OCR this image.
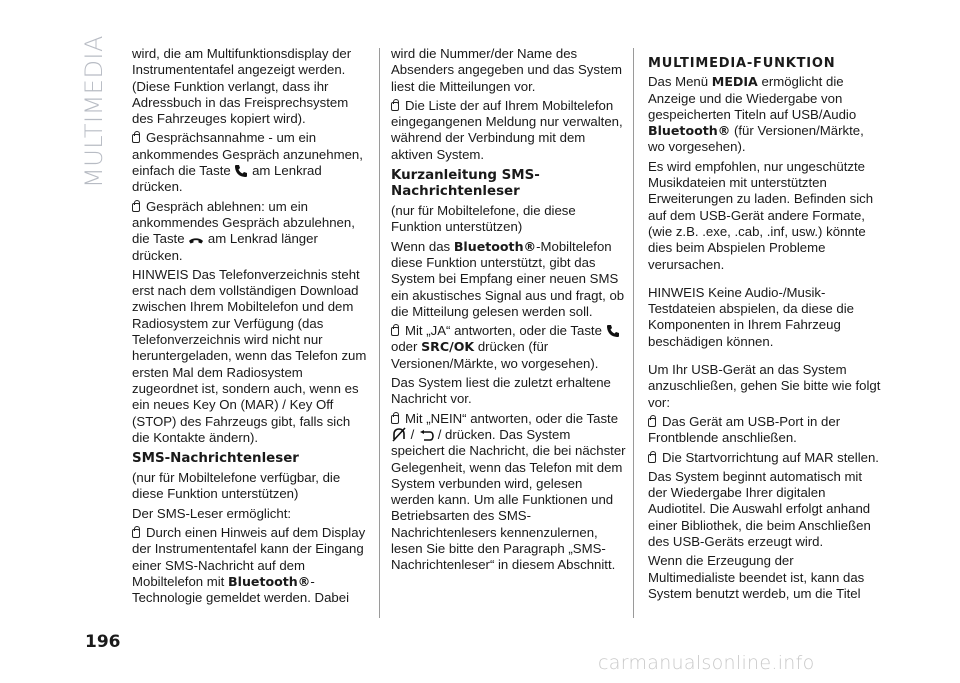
MULTIMEDIA
196

wird, die am Multifunktionsdisplay der Instrumententafel angezeigt werden. (Diese Funktion verlangt, dass ihr Adressbuch in das Freisprechsystem des Fahrzeuges kopiert wird).

Gesprächsannahme - um ein ankommendes Gespräch anzunehmen, einfach die Taste am Lenkrad drücken.

Gespräch ablehnen: um ein ankommendes Gespräch abzulehnen, die Taste am Lenkrad länger drücken.

HINWEIS Das Telefonverzeichnis steht erst nach dem vollständigen Download zwischen Ihrem Mobiltelefon und dem Radiosystem zur Verfügung (das Telefonverzeichnis wird nicht nur heruntergeladen, wenn das Telefon zum ersten Mal dem Radiosystem zugeordnet ist, sondern auch, wenn es ein neues Key On (MAR) / Key Off (STOP) des Fahrzeugs gibt, falls sich die Kontakte ändern).

SMS-Nachrichtenleser

(nur für Mobiltelefone verfügbar, die diese Funktion unterstützen)

Der SMS-Leser ermöglicht:

Durch einen Hinweis auf dem Display der Instrumententafel kann der Eingang einer SMS-Nachricht auf dem Mobiltelefon mit Bluetooth®-Technologie gemeldet werden. Dabei

wird die Nummer/der Name des Absenders angegeben und das System liest die Mitteilungen vor.

Die Liste der auf Ihrem Mobiltelefon eingegangenen Meldung nur verwalten, während der Verbindung mit dem aktiven System.

Kurzanleitung SMS-Nachrichtenleser

(nur für Mobiltelefone, die diese Funktion unterstützen)

Wenn das Bluetooth®-Mobiltelefon diese Funktion unterstützt, gibt das System bei Empfang einer neuen SMS ein akustisches Signal aus und fragt, ob die Mitteilung gelesen werden soll.

Mit „JA“ antworten, oder die Taste  oder SRC/OK drücken (für Versionen/Märkte, wo vorgesehen).

Das System liest die zuletzt erhaltene Nachricht vor.

Mit „NEIN“ antworten, oder die Taste  / / drücken. Das System speichert die Nachricht, die bei nächster Gelegenheit, wenn das Telefon mit dem System verbunden wird, gelesen werden kann. Um alle Funktionen und Betriebsarten des SMS-Nachrichtenlesers kennenzulernen, lesen Sie bitte den Paragraph „SMS-Nachrichtenleser“ in diesem Abschnitt.

MULTIMEDIA-FUNKTION

Das Menü MEDIA ermöglicht die Anzeige und die Wiedergabe von gespeicherten Titeln auf USB/Audio Bluetooth® (für Versionen/Märkte, wo vorgesehen).

Es wird empfohlen, nur ungeschützte Musikdateien mit unterstützten Erweiterungen zu laden. Befinden sich auf dem USB-Gerät andere Formate, (wie z.B. .exe, .cab, .inf, usw.) könnte dies beim Abspielen Probleme verursachen.

HINWEIS Keine Audio-/Musik-Testdateien abspielen, da diese die Komponenten in Ihrem Fahrzeug beschädigen können.

Um Ihr USB-Gerät an das System anzuschließen, gehen Sie bitte wie folgt vor:

Das Gerät am USB-Port in der Frontblende anschließen.

Die Startvorrichtung auf MAR stellen.

Das System beginnt automatisch mit der Wiedergabe Ihrer digitalen Audiotitel. Die Auswahl erfolgt anhand einer Bibliothek, die beim Anschließen des USB-Geräts erzeugt wird.

Wenn die Erzeugung der Multimedialiste beendet ist, kann das System benutzt werdeb, um die Titel

carmanualsonline.info
